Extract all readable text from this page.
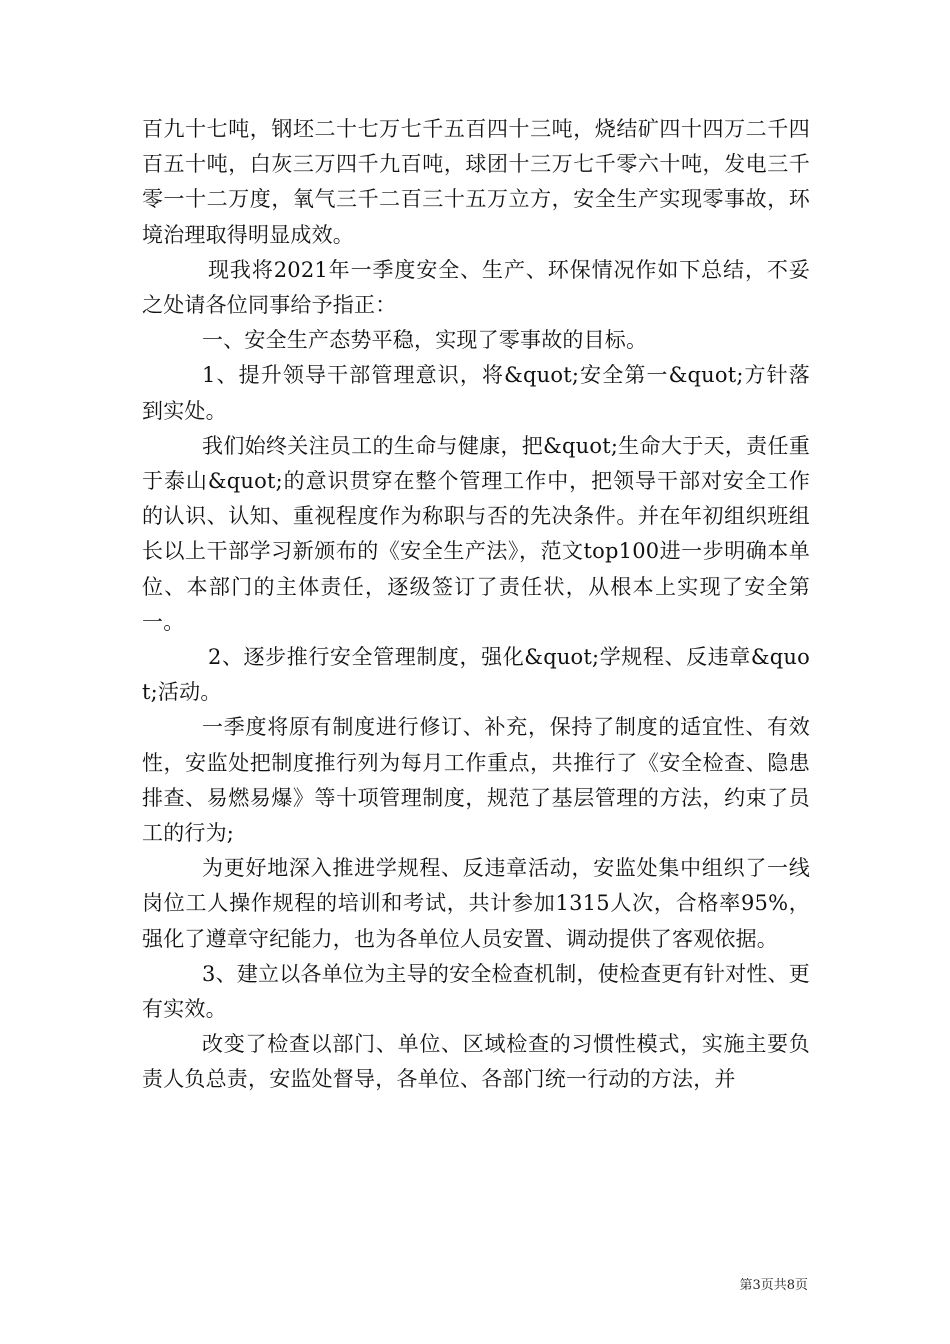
百九十七吨，钢坯二十七万七千五百四十三吨，烧结矿四十四万二千四百五十吨，白灰三万四千九百吨，球团十三万七千零六十吨，发电三千零一十二万度，氧气三千二百三十五万立方，安全生产实现零事故，环境治理取得明显成效。

现我将2021年一季度安全、生产、环保情况作如下总结，不妥之处请各位同事给予指正：

一、安全生产态势平稳，实现了零事故的目标。

1、提升领导干部管理意识，将&quot;安全第一&quot;方针落到实处。

我们始终关注员工的生命与健康，把&quot;生命大于天，责任重于泰山&quot;的意识贯穿在整个管理工作中，把领导干部对安全工作的认识、认知、重视程度作为称职与否的先决条件。并在年初组织班组长以上干部学习新颁布的《安全生产法》，范文top100进一步明确本单位、本部门的主体责任，逐级签订了责任状，从根本上实现了安全第一。

2、逐步推行安全管理制度，强化&quot;学规程、反违章&quot;活动。

一季度将原有制度进行修订、补充，保持了制度的适宜性、有效性，安监处把制度推行列为每月工作重点，共推行了《安全检查、隐患排查、易燃易爆》等十项管理制度，规范了基层管理的方法，约束了员工的行为;

为更好地深入推进学规程、反违章活动，安监处集中组织了一线岗位工人操作规程的培训和考试，共计参加1315人次，合格率95%，强化了遵章守纪能力，也为各单位人员安置、调动提供了客观依据。

3、建立以各单位为主导的安全检查机制，使检查更有针对性、更有实效。

改变了检查以部门、单位、区域检查的习惯性模式，实施主要负责人负总责，安监处督导，各单位、各部门统一行动的方法，并

第3页共8页
